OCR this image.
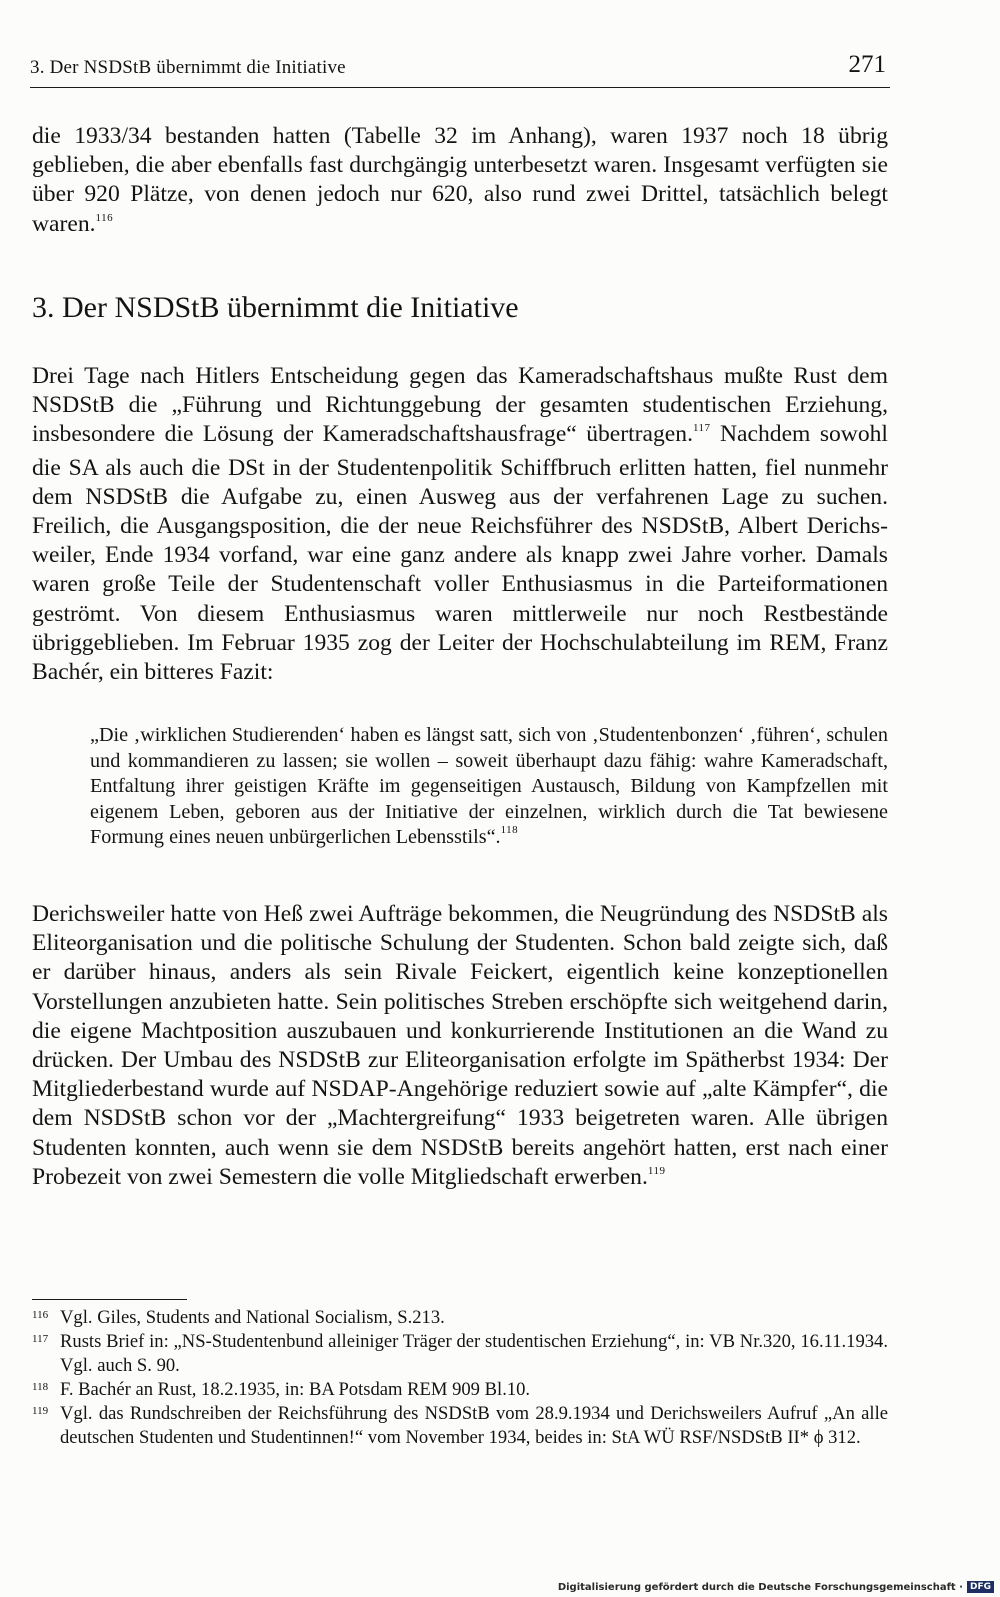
3. Der NSDStB übernimmt die Initiative	271
die 1933/34 bestanden hatten (Tabelle 32 im Anhang), waren 1937 noch 18 übrig geblieben, die aber ebenfalls fast durchgängig unterbesetzt waren. Insgesamt verfügten sie über 920 Plätze, von denen jedoch nur 620, also rund zwei Drittel, tatsächlich belegt waren.$^{116}$
3. Der NSDStB übernimmt die Initiative
Drei Tage nach Hitlers Entscheidung gegen das Kameradschaftshaus mußte Rust dem NSDStB die „Führung und Richtunggebung der gesamten studentischen Erziehung, insbesondere die Lösung der Kameradschaftshausfrage“ übertragen.$^{117}$ Nachdem sowohl die SA als auch die DSt in der Studentenpolitik Schiffbruch erlitten hatten, fiel nunmehr dem NSDStB die Aufgabe zu, einen Ausweg aus der verfahrenen Lage zu suchen. Freilich, die Ausgangsposition, die der neue Reichsführer des NSDStB, Albert Derichsweiler, Ende 1934 vorfand, war eine ganz andere als knapp zwei Jahre vorher. Damals waren große Teile der Studentenschaft voller Enthusiasmus in die Parteiformationen geströmt. Von diesem Enthusiasmus waren mittlerweile nur noch Restbestände übriggeblieben. Im Februar 1935 zog der Leiter der Hochschulabteilung im REM, Franz Bachér, ein bitteres Fazit:
„Die ‚wirklichen Studierenden‘ haben es längst satt, sich von ‚Studentenbonzen‘ ‚führen‘, schulen und kommandieren zu lassen; sie wollen – soweit überhaupt dazu fähig: wahre Kameradschaft, Entfaltung ihrer geistigen Kräfte im gegenseitigen Austausch, Bildung von Kampfzellen mit eigenem Leben, geboren aus der Initiative der einzelnen, wirklich durch die Tat bewiesene Formung eines neuen unbürgerlichen Lebensstils“.$^{118}$
Derichsweiler hatte von Heß zwei Aufträge bekommen, die Neugründung des NSDStB als Eliteorganisation und die politische Schulung der Studenten. Schon bald zeigte sich, daß er darüber hinaus, anders als sein Rivale Feickert, eigentlich keine konzeptionellen Vorstellungen anzubieten hatte. Sein politisches Streben erschöpfte sich weitgehend darin, die eigene Machtposition auszubauen und konkurrierende Institutionen an die Wand zu drücken. Der Umbau des NSDStB zur Eliteorganisation erfolgte im Spätherbst 1934: Der Mitgliederbestand wurde auf NSDAP-Angehörige reduziert sowie auf „alte Kämpfer“, die dem NSDStB schon vor der „Machtergreifung“ 1933 beigetreten waren. Alle übrigen Studenten konnten, auch wenn sie dem NSDStB bereits angehört hatten, erst nach einer Probezeit von zwei Semestern die volle Mitgliedschaft erwerben.$^{119}$
116 Vgl. Giles, Students and National Socialism, S.213.
117 Rusts Brief in: „NS-Studentenbund alleiniger Träger der studentischen Erziehung“, in: VB Nr.320, 16.11.1934. Vgl. auch S. 90.
118 F. Bachér an Rust, 18.2.1935, in: BA Potsdam REM 909 Bl.10.
119 Vgl. das Rundschreiben der Reichsführung des NSDStB vom 28.9.1934 und Derichsweilers Aufruf „An alle deutschen Studenten und Studentinnen!“ vom November 1934, beides in: StA WÜ RSF/NSDStB II* ϕ 312.
Digitalisierung gefördert durch die Deutsche Forschungsgemeinschaft · DFG
